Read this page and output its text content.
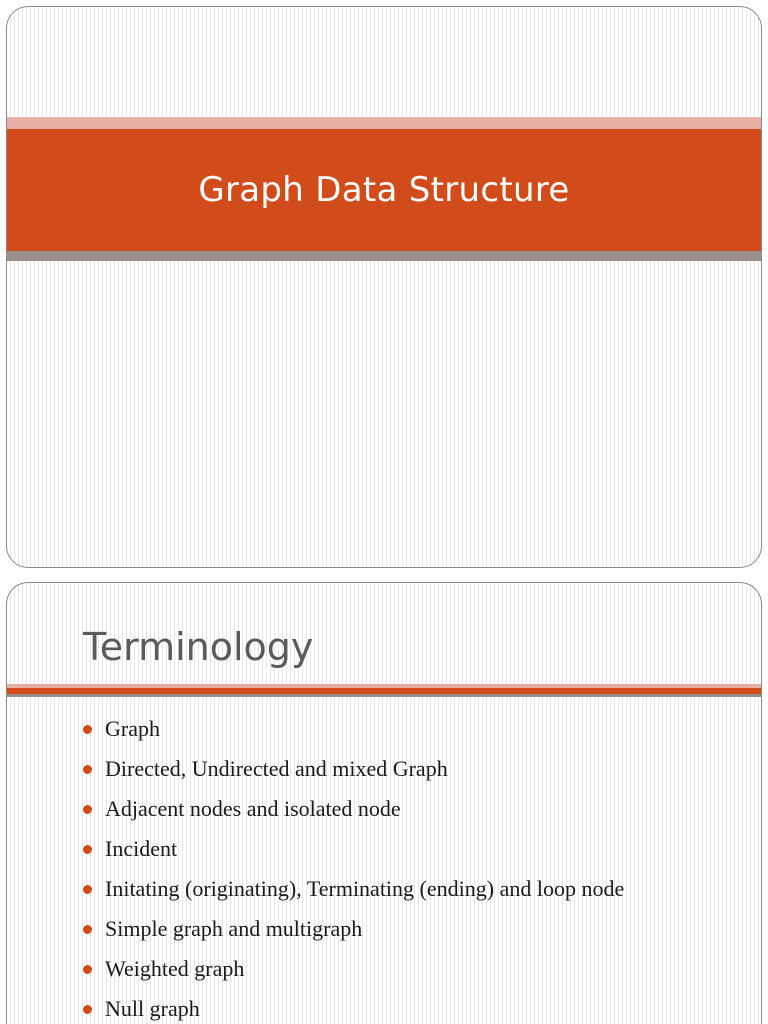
Graph Data Structure
Terminology
Graph
Directed, Undirected and mixed Graph
Adjacent nodes and isolated node
Incident
Initating (originating), Terminating (ending) and loop node
Simple graph and multigraph
Weighted graph
Null graph
